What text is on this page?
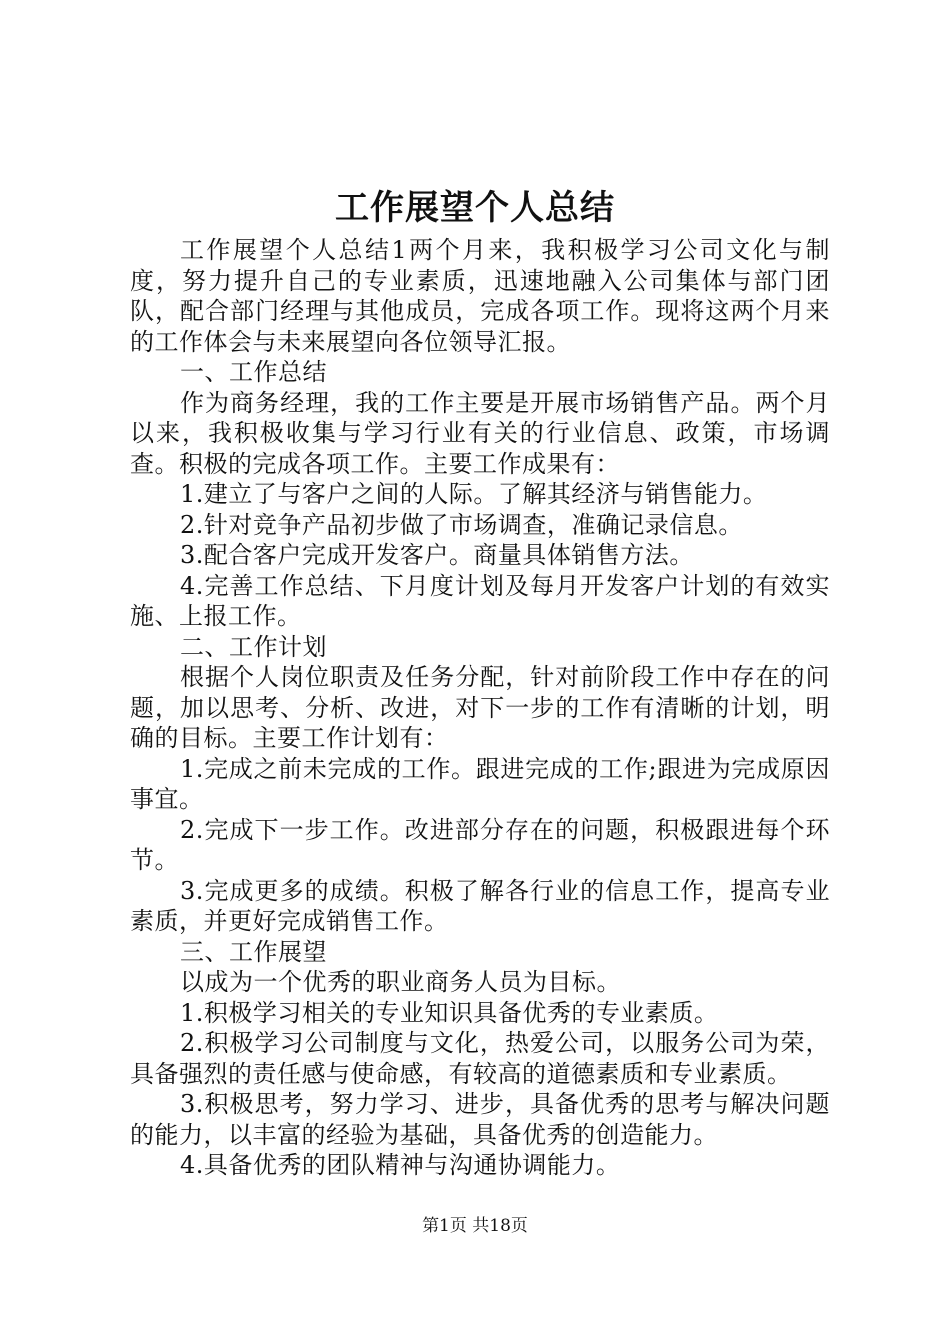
工作展望个人总结

工作展望个人总结1两个月来，我积极学习公司文化与制度，努力提升自己的专业素质，迅速地融入公司集体与部门团队，配合部门经理与其他成员，完成各项工作。现将这两个月来的工作体会与未来展望向各位领导汇报。

一、工作总结

作为商务经理，我的工作主要是开展市场销售产品。两个月以来，我积极收集与学习行业有关的行业信息、政策，市场调查。积极的完成各项工作。主要工作成果有：

1.建立了与客户之间的人际。了解其经济与销售能力。

2.针对竞争产品初步做了市场调查，准确记录信息。

3.配合客户完成开发客户。商量具体销售方法。

4.完善工作总结、下月度计划及每月开发客户计划的有效实施、上报工作。

二、工作计划

根据个人岗位职责及任务分配，针对前阶段工作中存在的问题，加以思考、分析、改进，对下一步的工作有清晰的计划，明确的目标。主要工作计划有：

1.完成之前未完成的工作。跟进完成的工作;跟进为完成原因事宜。

2.完成下一步工作。改进部分存在的问题，积极跟进每个环节。

3.完成更多的成绩。积极了解各行业的信息工作，提高专业素质，并更好完成销售工作。

三、工作展望

以成为一个优秀的职业商务人员为目标。

1.积极学习相关的专业知识具备优秀的专业素质。

2.积极学习公司制度与文化，热爱公司，以服务公司为荣，具备强烈的责任感与使命感，有较高的道德素质和专业素质。

3.积极思考，努力学习、进步，具备优秀的思考与解决问题的能力，以丰富的经验为基础，具备优秀的创造能力。

4.具备优秀的团队精神与沟通协调能力。

第1页 共18页
